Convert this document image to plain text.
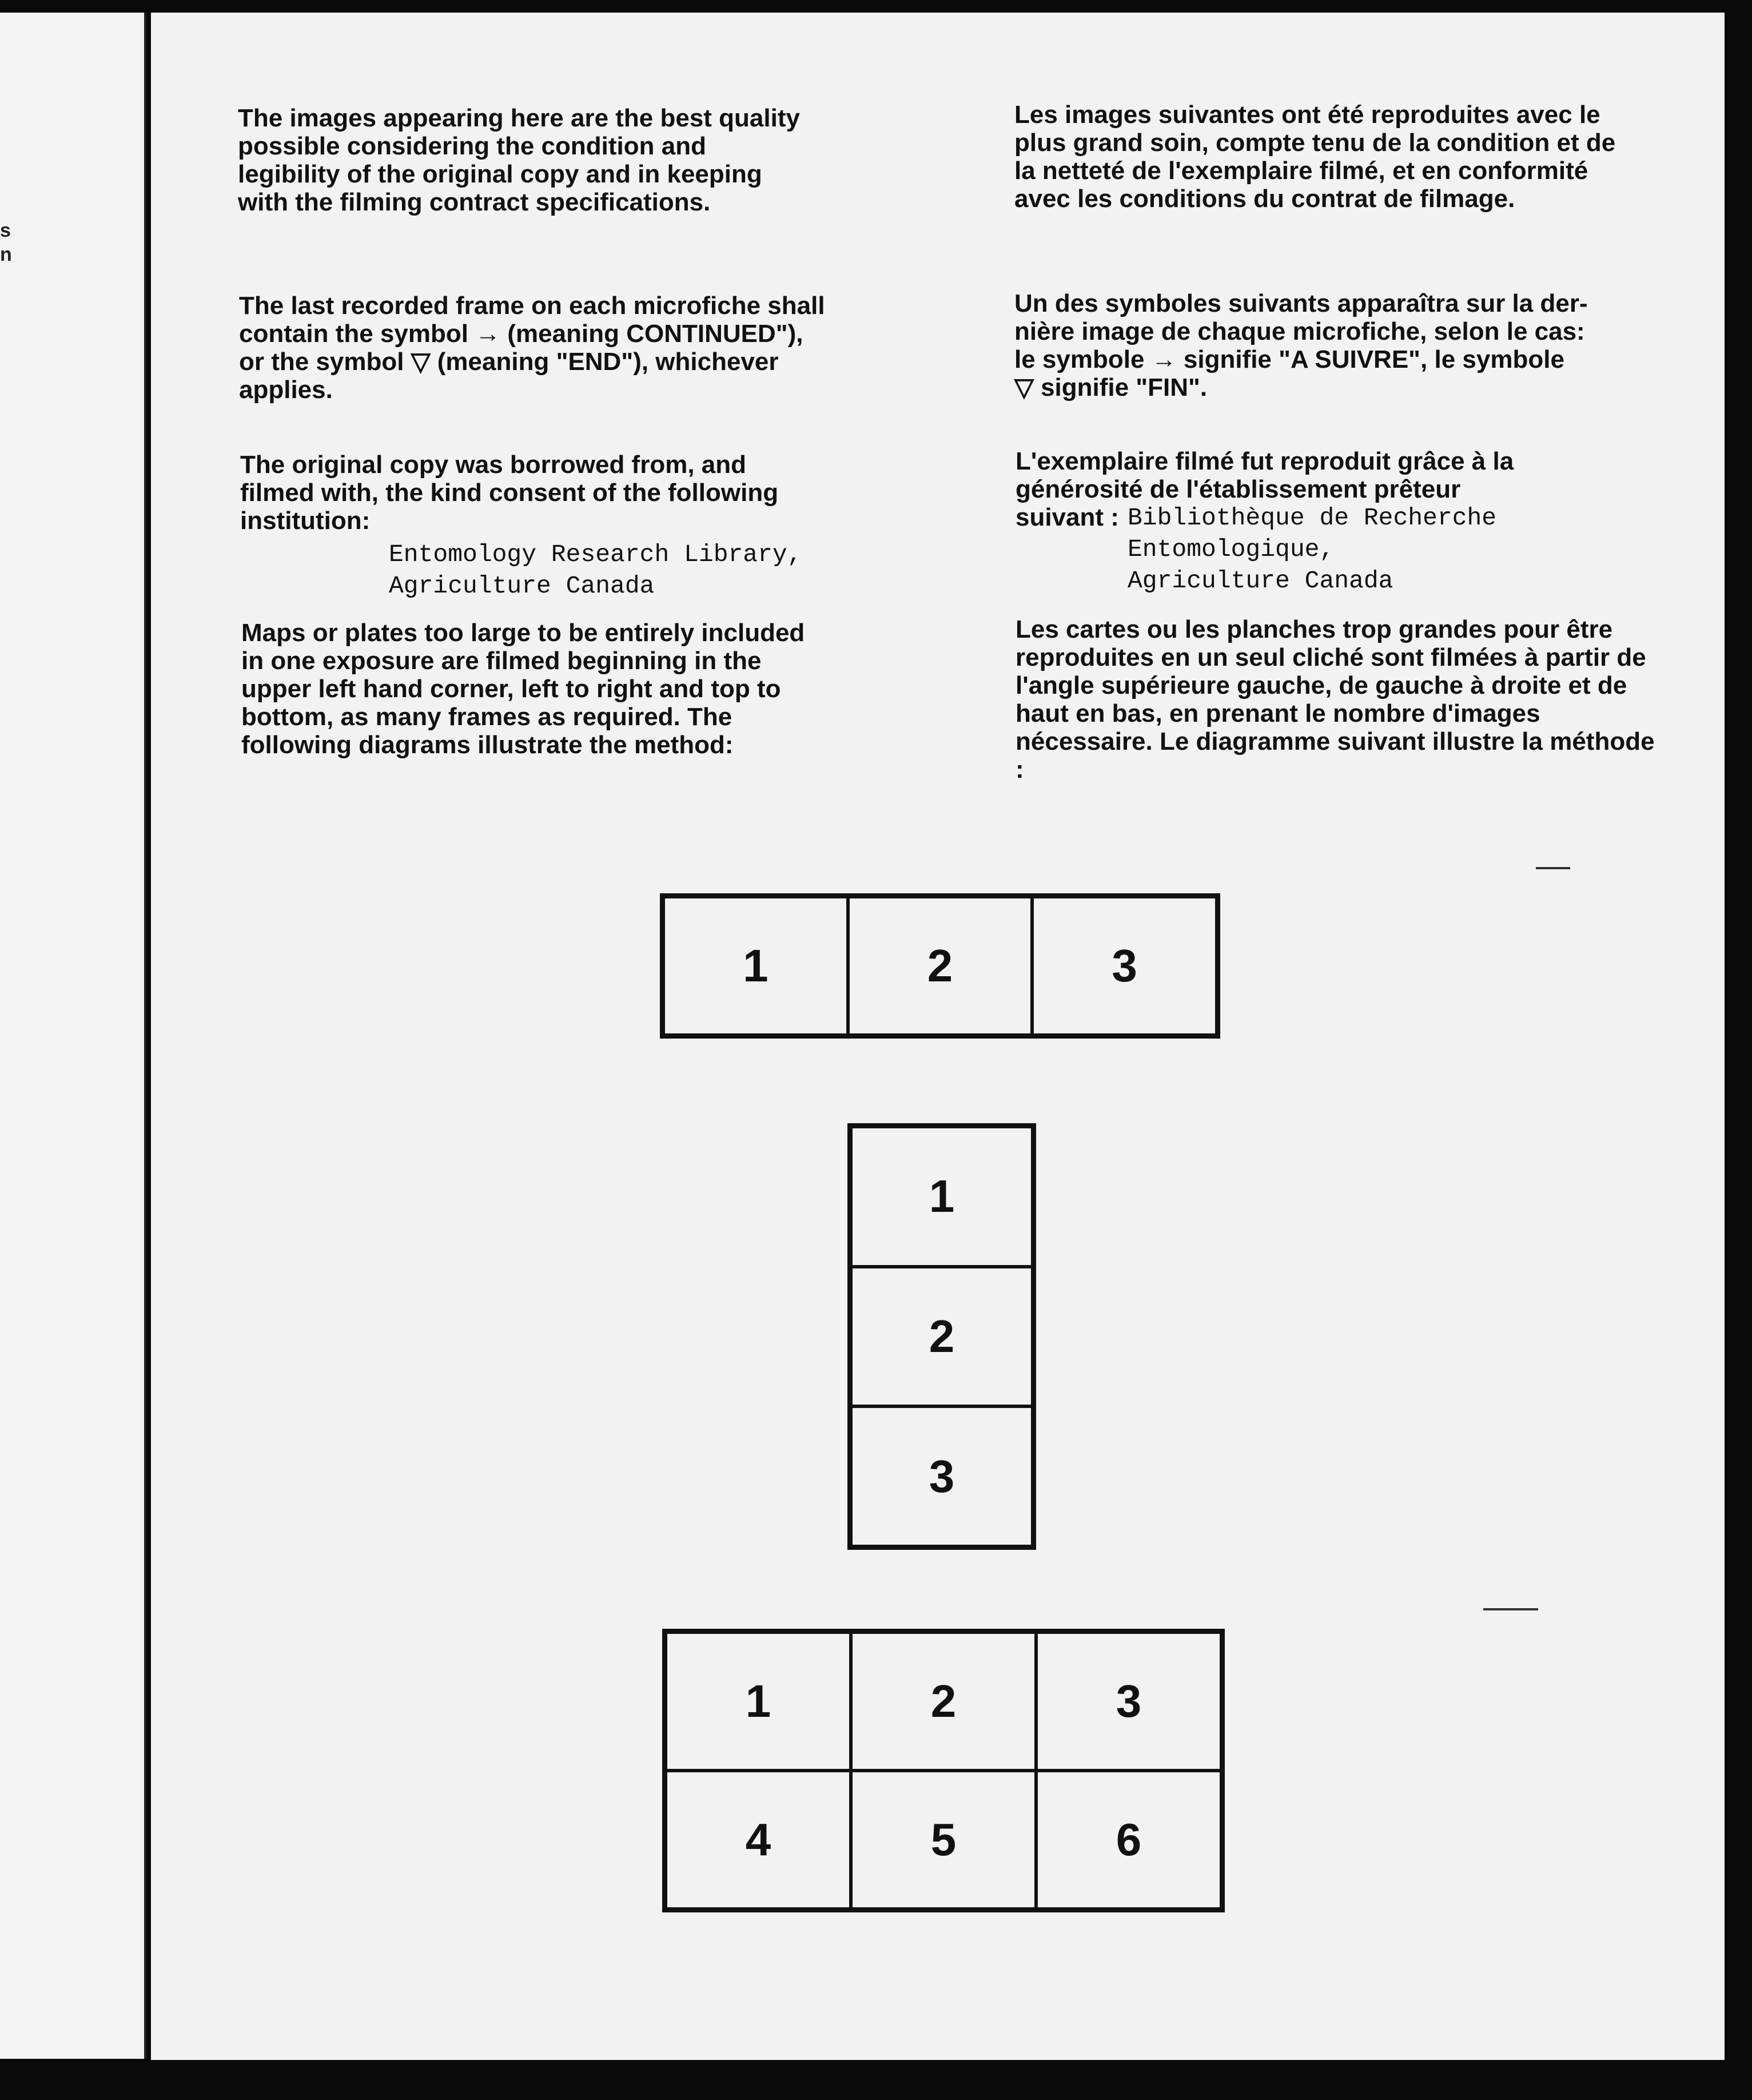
s
n

The images appearing here are the best quality possible considering the condition and legibility of the original copy and in keeping with the filming contract specifications.

The last recorded frame on each microfiche shall
contain the symbol → (meaning CONTINUED"),
or the symbol ▽ (meaning "END"), whichever
applies.

The original copy was borrowed from, and filmed with, the kind consent of the following institution:

Entomology Research Library,
Agriculture Canada

Maps or plates too large to be entirely included in one exposure are filmed beginning in the upper left hand corner, left to right and top to bottom, as many frames as required. The following diagrams illustrate the method:

Les images suivantes ont été reproduites avec le plus grand soin, compte tenu de la condition et de la netteté de l'exemplaire filmé, et en conformité avec les conditions du contrat de filmage.

Un des symboles suivants apparaîtra sur la der-
nière image de chaque microfiche, selon le cas:
le symbole → signifie "A SUIVRE", le symbole
▽ signifie "FIN".

L'exemplaire filmé fut reproduit grâce à la générosité de l'établissement prêteur

suivant : Bibliothèque de Recherche
Entomologique,
Agriculture Canada

Les cartes ou les planches trop grandes pour être reproduites en un seul cliché sont filmées à partir de l'angle supérieure gauche, de gauche à droite et de haut en bas, en prenant le nombre d'images nécessaire. Le diagramme suivant illustre la méthode :

1	2	3
1
2
3
1	2	3
4	5	6
